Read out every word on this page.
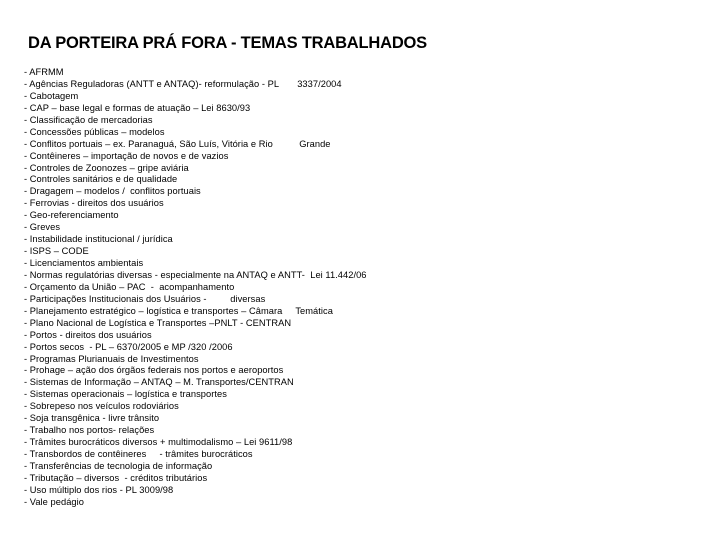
DA PORTEIRA PRÁ FORA - TEMAS TRABALHADOS
- AFRMM
- Agências Reguladoras (ANTT e ANTAQ)- reformulação - PL       3337/2004
- Cabotagem
- CAP – base legal e formas de atuação – Lei 8630/93
- Classificação de mercadorias
- Concessões públicas – modelos
- Conflitos portuais – ex. Paranaguá, São Luís, Vitória e Rio          Grande
- Contêineres – importação de novos e de vazios
- Controles de Zoonozes – gripe aviária
- Controles sanitários e de qualidade
- Dragagem – modelos /  conflitos portuais
- Ferrovias - direitos dos usuários
- Geo-referenciamento
- Greves
- Instabilidade institucional / jurídica
- ISPS – CODE
- Licenciamentos ambientais
- Normas regulatórias diversas - especialmente na ANTAQ e ANTT-  Lei 11.442/06
- Orçamento da União – PAC  -  acompanhamento
- Participações Institucionais dos Usuários -         diversas
- Planejamento estratégico – logística e transportes – Câmara     Temática
- Plano Nacional de Logística e Transportes –PNLT - CENTRAN
- Portos - direitos dos usuários
- Portos secos  - PL – 6370/2005 e MP /320 /2006
- Programas Plurianuais de Investimentos
- Prohage – ação dos órgãos federais nos portos e aeroportos
- Sistemas de Informação – ANTAQ – M. Transportes/CENTRAN
- Sistemas operacionais – logística e transportes
- Sobrepeso nos veículos rodoviários
- Soja transgênica - livre trânsito
- Trabalho nos portos- relações
- Trâmites burocráticos diversos + multimodalismo – Lei 9611/98
- Transbordos de contêineres     - trâmites burocráticos
- Transferências de tecnologia de informação
- Tributação – diversos  - créditos tributários
- Uso múltiplo dos rios - PL 3009/98
- Vale pedágio
